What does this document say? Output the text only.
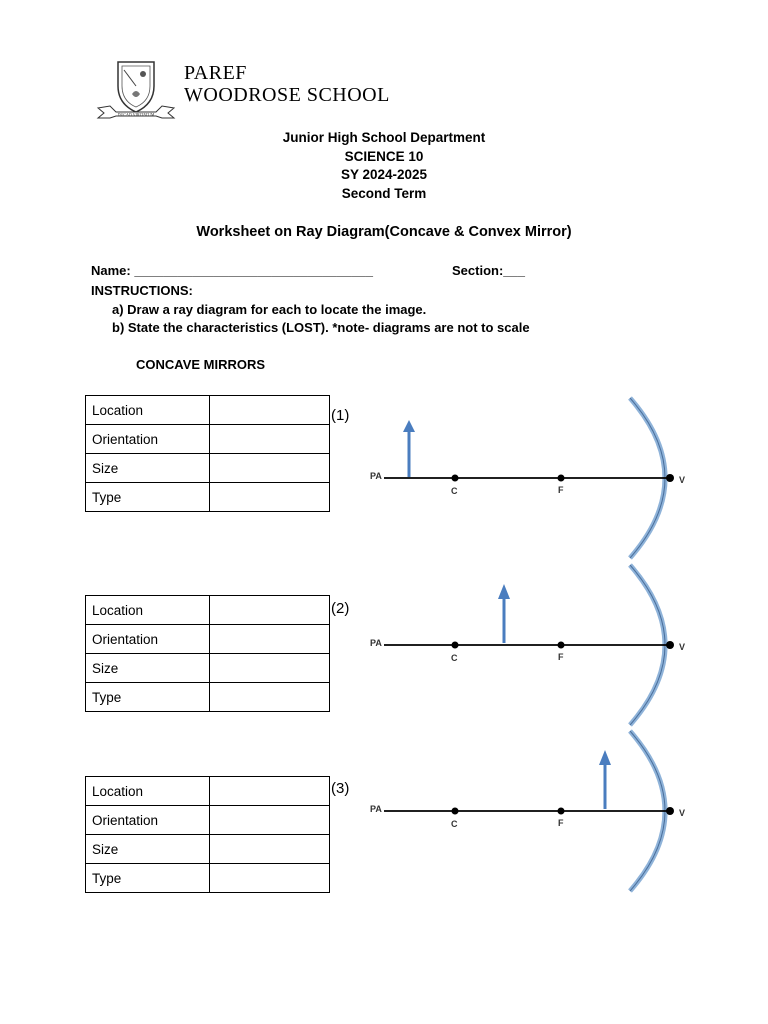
DUCAD VIRITATUM
PAREF
WOODROSE SCHOOL
Junior High School Department
SCIENCE 10
SY 2024-2025
Second Term
Worksheet on Ray Diagram(Concave & Convex Mirror)
Name: _________________________________	Section:___
INSTRUCTIONS:
a) Draw a ray diagram for each to locate the image.
b) State the characteristics (LOST). *note- diagrams are not to scale
CONCAVE MIRRORS
Location	
Orientation	
Size	
Type	
(1)
Location	
Orientation	
Size	
Type	
(2)
Location	
Orientation	
Size	
Type	
(3)
PA
C	F
V
PA
C	F
V
PA
C	F
V
